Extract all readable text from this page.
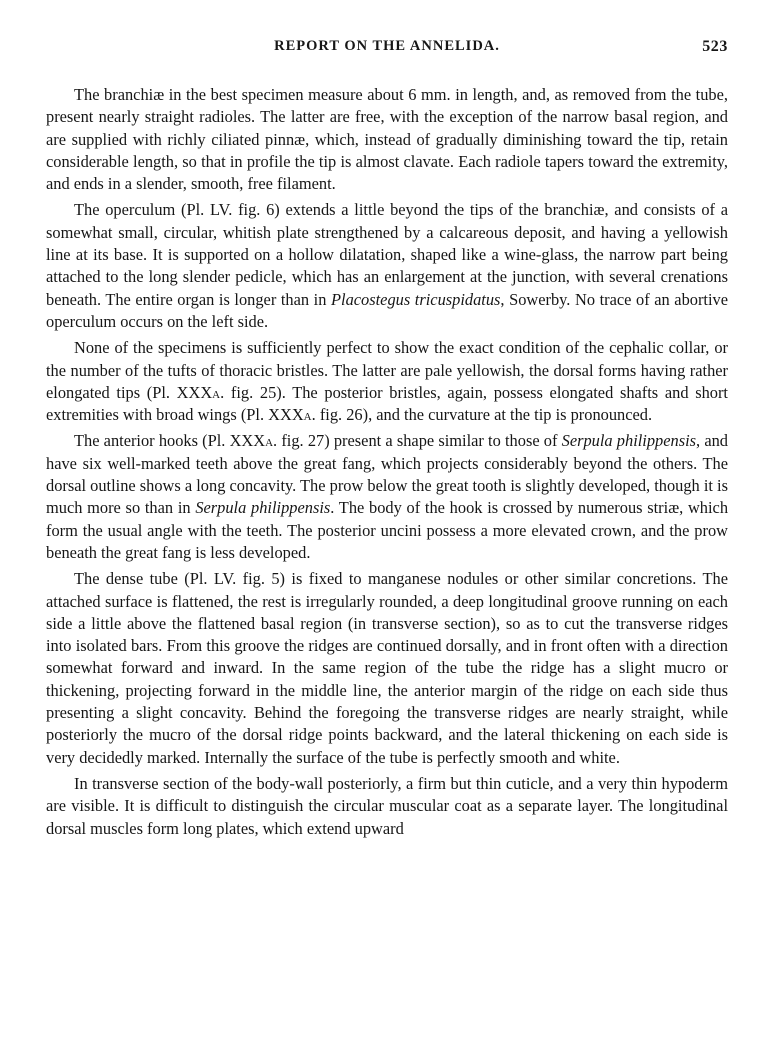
REPORT ON THE ANNELIDA.	523

The branchiæ in the best specimen measure about 6 mm. in length, and, as removed from the tube, present nearly straight radioles. The latter are free, with the exception of the narrow basal region, and are supplied with richly ciliated pinnæ, which, instead of gradually diminishing toward the tip, retain considerable length, so that in profile the tip is almost clavate. Each radiole tapers toward the extremity, and ends in a slender, smooth, free filament.

The operculum (Pl. LV. fig. 6) extends a little beyond the tips of the branchiæ, and consists of a somewhat small, circular, whitish plate strengthened by a calcareous deposit, and having a yellowish line at its base. It is supported on a hollow dilatation, shaped like a wine-glass, the narrow part being attached to the long slender pedicle, which has an enlargement at the junction, with several crenations beneath. The entire organ is longer than in Placostegus tricuspidatus, Sowerby. No trace of an abortive operculum occurs on the left side.

None of the specimens is sufficiently perfect to show the exact condition of the cephalic collar, or the number of the tufts of thoracic bristles. The latter are pale yellowish, the dorsal forms having rather elongated tips (Pl. XXXa. fig. 25). The posterior bristles, again, possess elongated shafts and short extremities with broad wings (Pl. XXXa. fig. 26), and the curvature at the tip is pronounced.

The anterior hooks (Pl. XXXa. fig. 27) present a shape similar to those of Serpula philippensis, and have six well-marked teeth above the great fang, which projects considerably beyond the others. The dorsal outline shows a long concavity. The prow below the great tooth is slightly developed, though it is much more so than in Serpula philippensis. The body of the hook is crossed by numerous striæ, which form the usual angle with the teeth. The posterior uncini possess a more elevated crown, and the prow beneath the great fang is less developed.

The dense tube (Pl. LV. fig. 5) is fixed to manganese nodules or other similar concretions. The attached surface is flattened, the rest is irregularly rounded, a deep longitudinal groove running on each side a little above the flattened basal region (in transverse section), so as to cut the transverse ridges into isolated bars. From this groove the ridges are continued dorsally, and in front often with a direction somewhat forward and inward. In the same region of the tube the ridge has a slight mucro or thickening, projecting forward in the middle line, the anterior margin of the ridge on each side thus presenting a slight concavity. Behind the foregoing the transverse ridges are nearly straight, while posteriorly the mucro of the dorsal ridge points backward, and the lateral thickening on each side is very decidedly marked. Internally the surface of the tube is perfectly smooth and white.

In transverse section of the body-wall posteriorly, a firm but thin cuticle, and a very thin hypoderm are visible. It is difficult to distinguish the circular muscular coat as a separate layer. The longitudinal dorsal muscles form long plates, which extend upward
